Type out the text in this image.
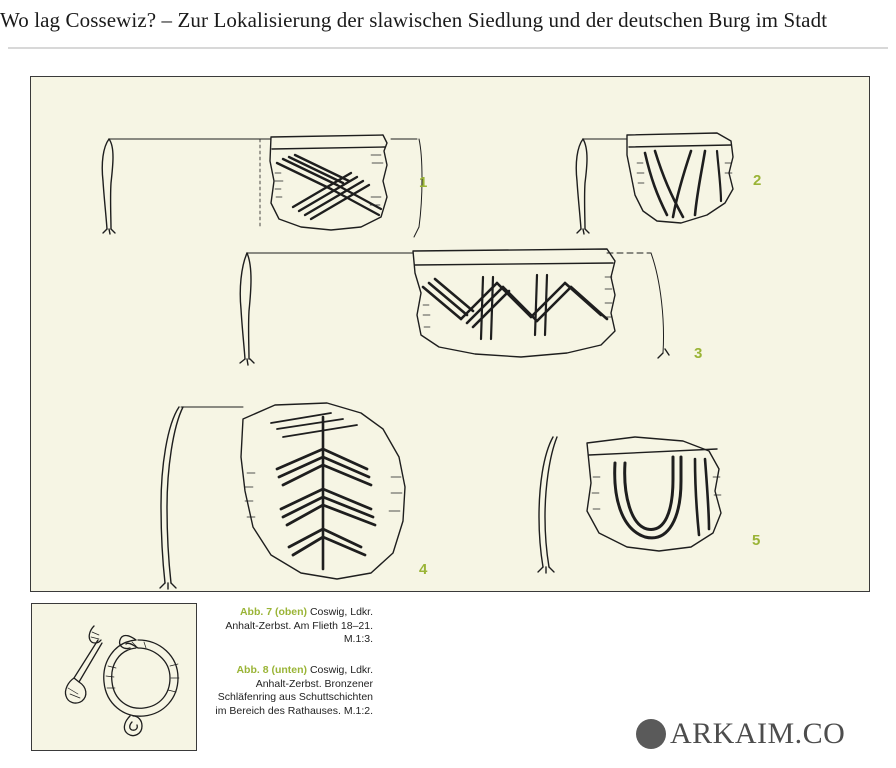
Wo lag Cossewiz? – Zur Lokalisierung der slawischen Siedlung und der deutschen Burg im Stadt
1	2
3
4
5
Abb. 7 (oben) Coswig, Ldkr. Anhalt-Zerbst. Am Flieth 18–21. M.1:3.
Abb. 8 (unten) Coswig, Ldkr. Anhalt-Zerbst. Bronzener Schläfenring aus Schuttschichten im Bereich des Rathauses. M.1:2.
ARKAIM.CO
